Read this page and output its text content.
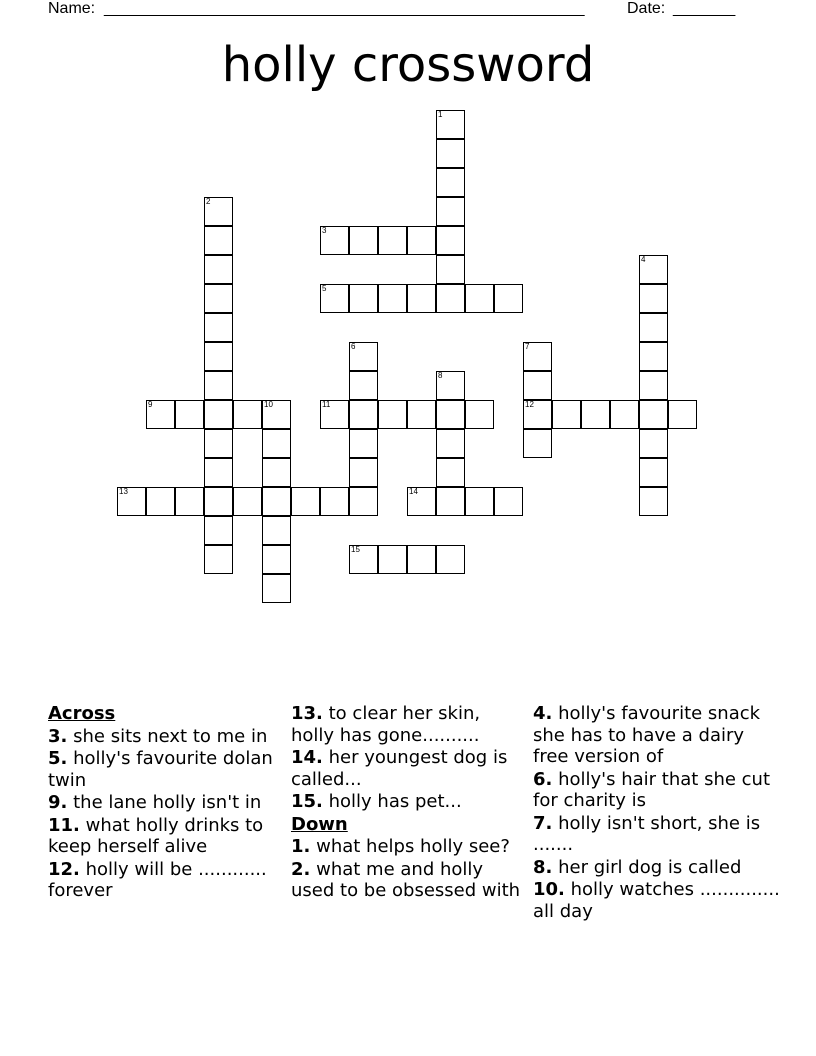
Name: ______________________________________________________	Date: _______
holly crossword
1
2
3
4
5
6	7
12
8
9	10	11
13	14
15
Across
3. she sits next to me in
5. holly's favourite dolan twin
9. the lane holly isn't in
11. what holly drinks to keep herself alive
12. holly will be ............ forever
13. to clear her skin, holly has gone..........
14. her youngest dog is called...
15. holly has pet...
Down
1. what helps holly see?
2. what me and holly used to be obsessed with
4. holly's favourite snack she has to have a dairy free version of
6. holly's hair that she cut for charity is
7. holly isn't short, she is .......
8. her girl dog is called
10. holly watches .............. all day
